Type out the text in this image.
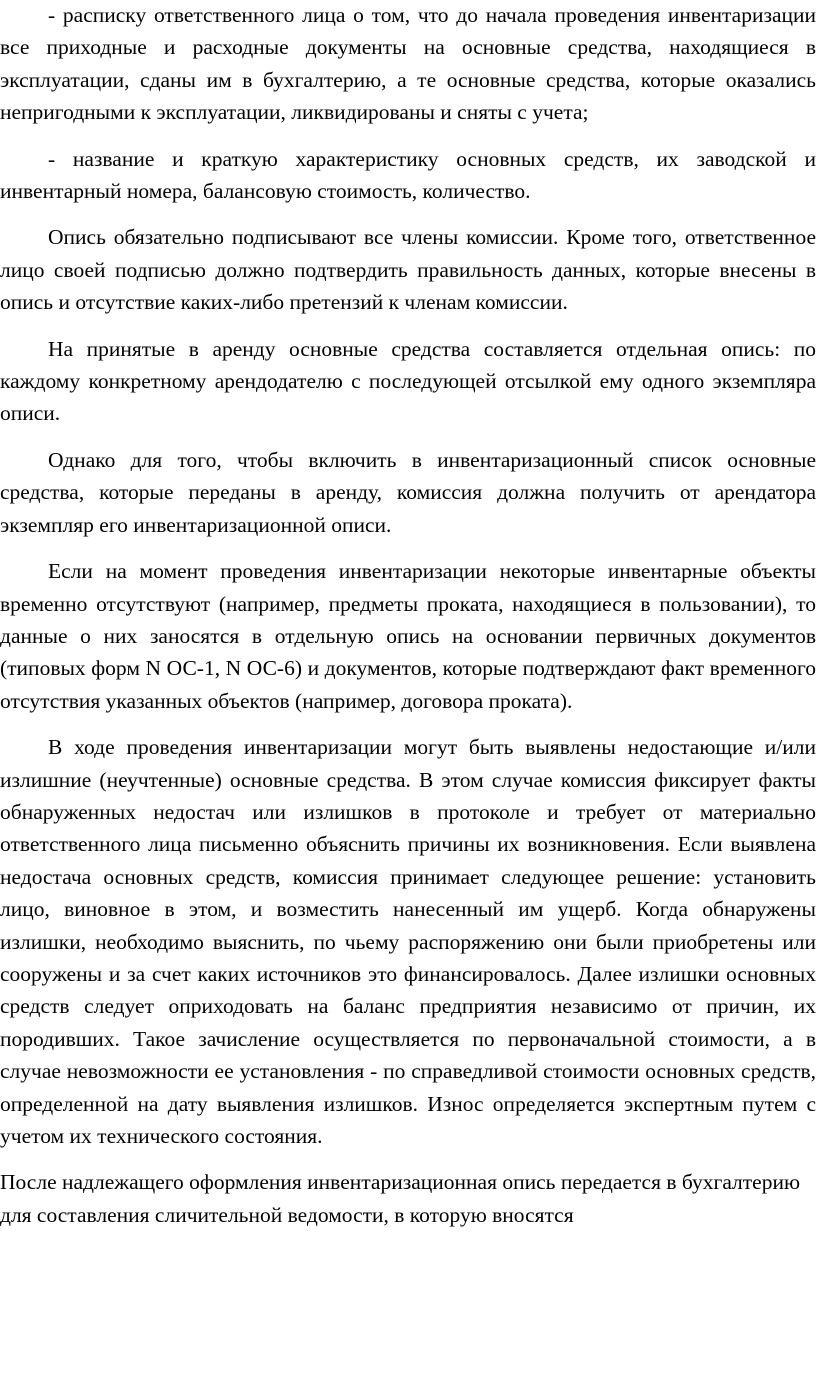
- расписку ответственного лица о том, что до начала проведения инвентаризации все приходные и расходные документы на основные средства, находящиеся в эксплуатации, сданы им в бухгалтерию, а те основные средства, которые оказались непригодными к эксплуатации, ликвидированы и сняты с учета;

- название и краткую характеристику основных средств, их заводской и инвентарный номера, балансовую стоимость, количество.

Опись обязательно подписывают все члены комиссии. Кроме того, ответственное лицо своей подписью должно подтвердить правильность данных, которые внесены в опись и отсутствие каких-либо претензий к членам комиссии.

На принятые в аренду основные средства составляется отдельная опись: по каждому конкретному арендодателю с последующей отсылкой ему одного экземпляра описи.

Однако для того, чтобы включить в инвентаризационный список основные средства, которые переданы в аренду, комиссия должна получить от арендатора экземпляр его инвентаризационной описи.

Если на момент проведения инвентаризации некоторые инвентарные объекты временно отсутствуют (например, предметы проката, находящиеся в пользовании), то данные о них заносятся в отдельную опись на основании первичных документов (типовых форм N ОС-1, N ОС-6) и документов, которые подтверждают факт временного отсутствия указанных объектов (например, договора проката).

В ходе проведения инвентаризации могут быть выявлены недостающие и/или излишние (неучтенные) основные средства. В этом случае комиссия фиксирует факты обнаруженных недостач или излишков в протоколе и требует от материально ответственного лица письменно объяснить причины их возникновения. Если выявлена недостача основных средств, комиссия принимает следующее решение: установить лицо, виновное в этом, и возместить нанесенный им ущерб. Когда обнаружены излишки, необходимо выяснить, по чьему распоряжению они были приобретены или сооружены и за счет каких источников это финансировалось. Далее излишки основных средств следует оприходовать на баланс предприятия независимо от причин, их породивших. Такое зачисление осуществляется по первоначальной стоимости, а в случае невозможности ее установления - по справедливой стоимости основных средств, определенной на дату выявления излишков. Износ определяется экспертным путем с учетом их технического состояния.

После надлежащего оформления инвентаризационная опись передается в бухгалтерию для составления сличительной ведомости, в которую вносятся
